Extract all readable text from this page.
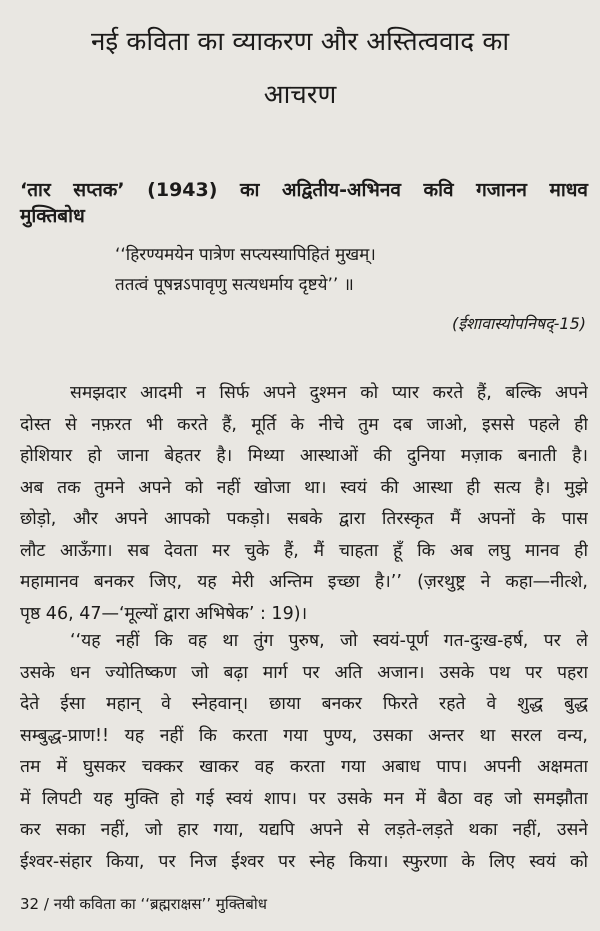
नई कविता का व्याकरण और अस्तित्ववाद का
आचरण
‘तार सप्तक’ (1943) का अद्वितीय-अभिनव कवि गजानन माधव
मुक्तिबोध
‘‘हिरण्यमयेन पात्रेण सप्त्यस्यापिहितं मुखम्।
ततत्वं पूषन्नऽपावृणु सत्यधर्माय दृष्टये’’ ॥
(ईशावास्योपनिषद्-15)
समझदार आदमी न सिर्फ अपने दुश्मन को प्यार करते हैं, बल्कि अपने
दोस्त से नफ़रत भी करते हैं, मूर्ति के नीचे तुम दब जाओ, इससे पहले ही
होशियार हो जाना बेहतर है। मिथ्या आस्थाओं की दुनिया मज़ाक बनाती है।
अब तक तुमने अपने को नहीं खोजा था। स्वयं की आस्था ही सत्य है। मुझे
छोड़ो, और अपने आपको पकड़ो। सबके द्वारा तिरस्कृत मैं अपनों के पास
लौट आऊँगा। सब देवता मर चुके हैं, मैं चाहता हूँ कि अब लघु मानव ही
महामानव बनकर जिए, यह मेरी अन्तिम इच्छा है।’’ (ज़रथुष्ट्र ने कहा—नीत्शे,
पृष्ठ 46, 47—‘मूल्यों द्वारा अभिषेक’ : 19)।
‘‘यह नहीं कि वह था तुंग पुरुष, जो स्वयं-पूर्ण गत-दुःख-हर्ष, पर ले
उसके धन ज्योतिष्कण जो बढ़ा मार्ग पर अति अजान। उसके पथ पर पहरा
देते ईसा महान् वे स्नेहवान्। छाया बनकर फिरते रहते वे शुद्ध बुद्ध
सम्बुद्ध-प्राण!! यह नहीं कि करता गया पुण्य, उसका अन्तर था सरल वन्य,
तम में घुसकर चक्कर खाकर वह करता गया अबाध पाप। अपनी अक्षमता
में लिपटी यह मुक्ति हो गई स्वयं शाप। पर उसके मन में बैठा वह जो समझौता
कर सका नहीं, जो हार गया, यद्यपि अपने से लड़ते-लड़ते थका नहीं, उसने
ईश्वर-संहार किया, पर निज ईश्वर पर स्नेह किया। स्फुरणा के लिए स्वयं को
32 / नयी कविता का ‘‘ब्रह्मराक्षस’’ मुक्तिबोध
